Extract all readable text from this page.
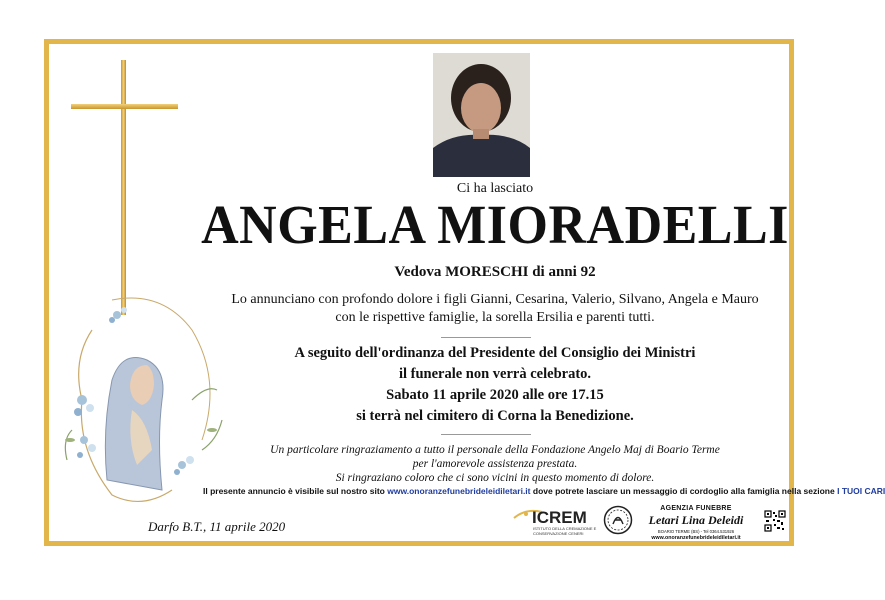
Ci ha lasciato
ANGELA MIORADELLI
Vedova MORESCHI di anni 92
Lo annunciano con profondo dolore i figli Gianni, Cesarina, Valerio, Silvano, Angela e Mauro
con le rispettive famiglie, la sorella Ersilia e parenti tutti.
A seguito dell'ordinanza del Presidente del Consiglio dei Ministri
il funerale non verrà celebrato.
Sabato 11 aprile 2020 alle ore 17.15
si terrà nel cimitero di Corna la Benedizione.
Un particolare ringraziamento a tutto il personale della Fondazione Angelo Maj di Boario Terme
per l'amorevole assistenza prestata.
Si ringraziano coloro che ci sono vicini in questo momento di dolore.
Il presente annuncio è visibile sul nostro sito www.onoranzefunebrideleidiletari.it dove potrete lasciare un messaggio di cordoglio alla famiglia nella sezione I TUOI CARI
Darfo B.T., 11 aprile 2020	ICREM
ISTITUTO DELLA CREMAZIONE E CONSERVAZIONE CENERI
AGENZIA FUNEBRE
Letari Lina Deleidi
BOARIO TERME (BS) - Tel 0364.531926
www.onoranzefunebrideleidiletari.it
